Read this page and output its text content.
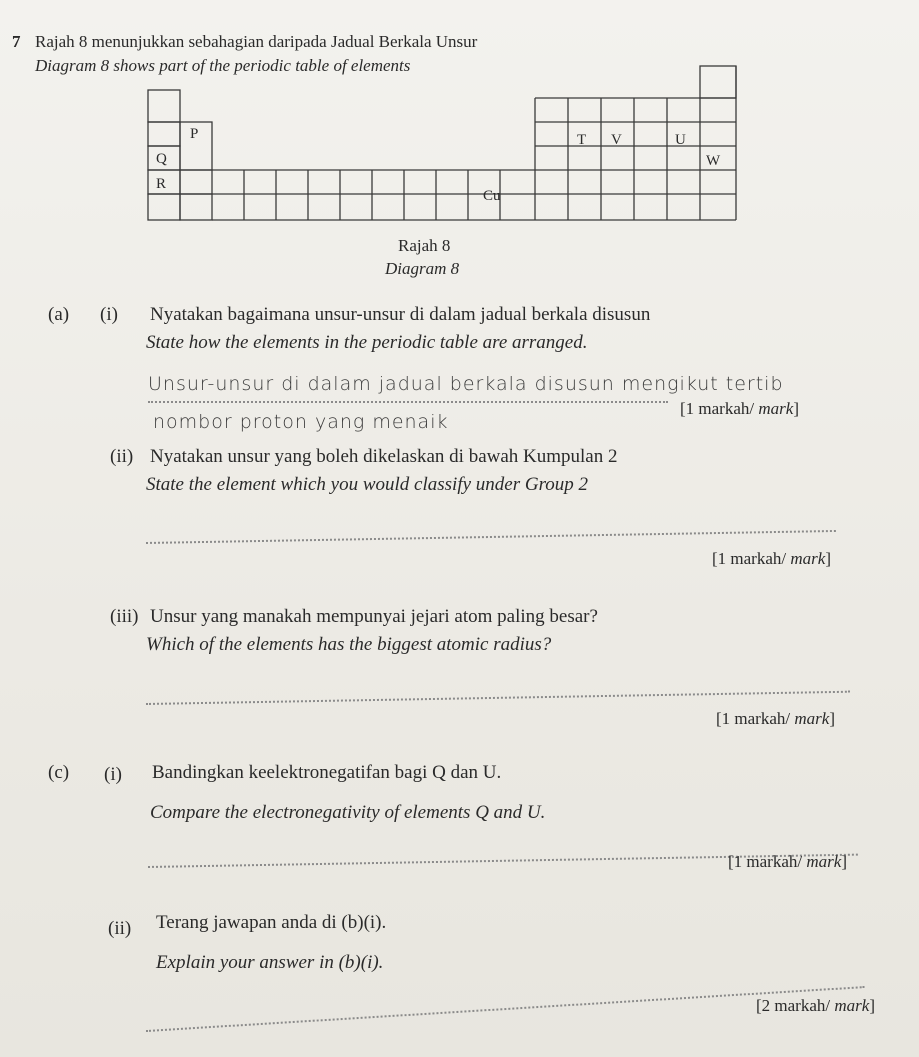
7 Rajah 8 menunjukkan sebahagian daripada Jadual Berkala Unsur
Diagram 8 shows part of the periodic table of elements
P
Q
R
T V	U
W
Cu
Rajah 8
Diagram 8
(a) (i) Nyatakan bagaimana unsur-unsur di dalam jadual berkala disusun
State how the elements in the periodic table are arranged.
Unsur-unsur di dalam jadual berkala disusun mengikut tertib
nombor proton yang menaik
[1 markah/ mark]
(ii) Nyatakan unsur yang boleh dikelaskan di bawah Kumpulan 2
State the element which you would classify under Group 2
[1 markah/ mark]
(iii) Unsur yang manakah mempunyai jejari atom paling besar?
Which of the elements has the biggest atomic radius?
[1 markah/ mark]
(c) (i) Bandingkan keelektronegatifan bagi Q dan U.
Compare the electronegativity of elements Q and U.
[1 markah/ mark]
(ii) Terang jawapan anda di (b)(i).
Explain your answer in (b)(i).
[2 markah/ mark]
